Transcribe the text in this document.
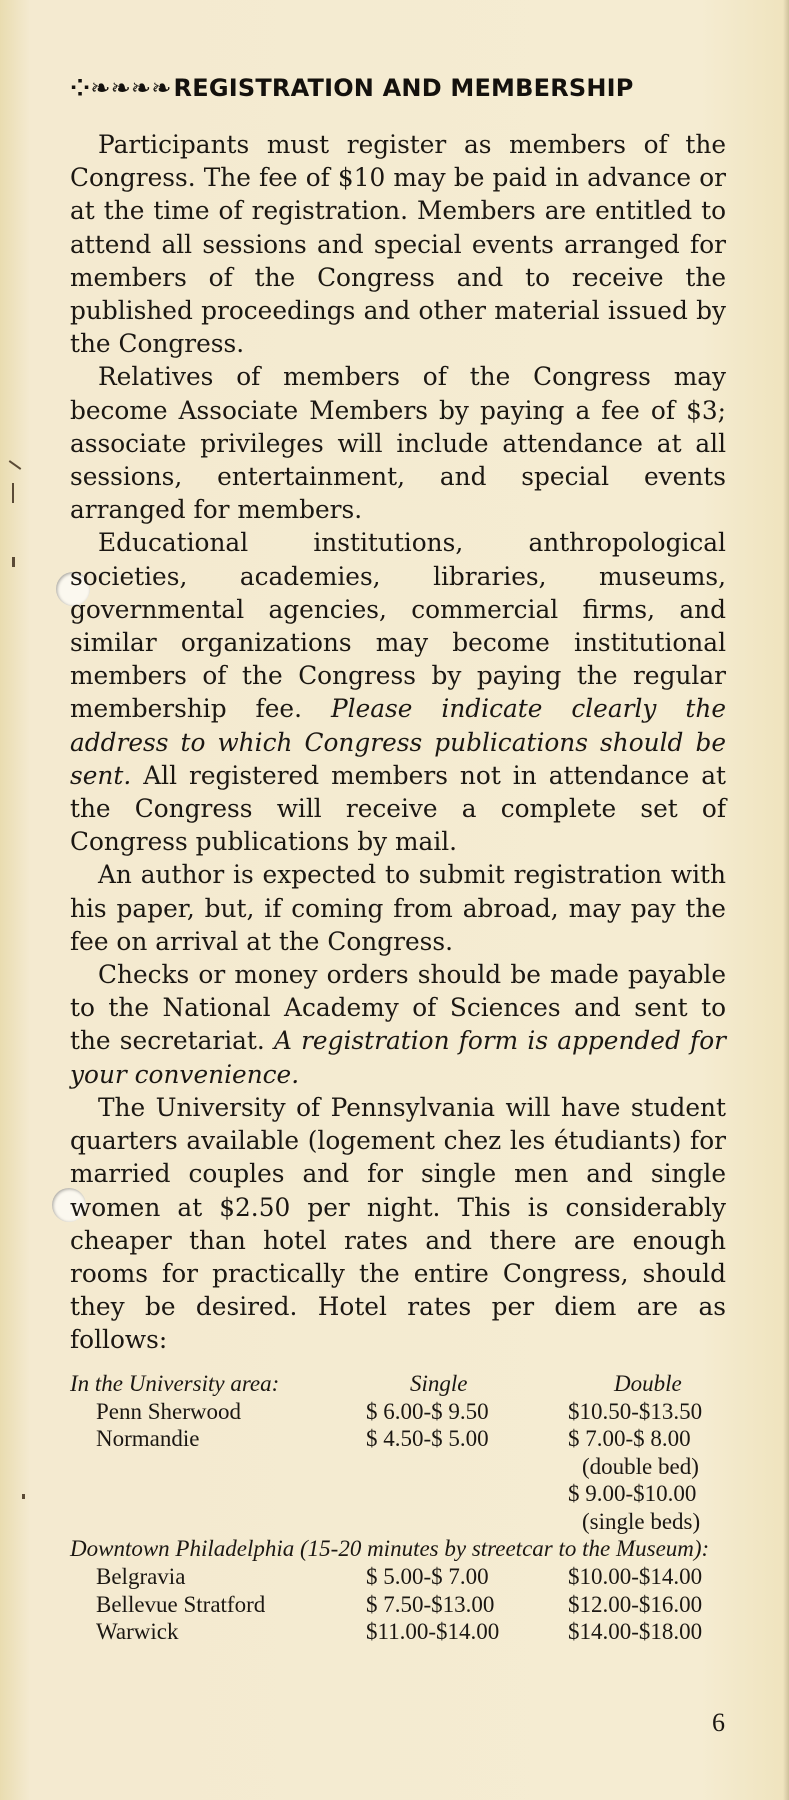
⁘❧❧❧❧REGISTRATION AND MEMBERSHIP

Participants must register as members of the Congress. The fee of $10 may be paid in advance or at the time of registration. Members are entitled to attend all sessions and special events arranged for members of the Congress and to receive the published proceedings and other material issued by the Congress.

Relatives of members of the Congress may become Associate Members by paying a fee of $3; associate privileges will include attendance at all sessions, entertainment, and special events arranged for members.

Educational institutions, anthropological societies, academies, libraries, museums, governmental agencies, commercial firms, and similar organizations may become institutional members of the Congress by paying the regular membership fee. Please indicate clearly the address to which Congress publications should be sent. All registered members not in attendance at the Congress will receive a complete set of Congress publications by mail.

An author is expected to submit registration with his paper, but, if coming from abroad, may pay the fee on arrival at the Congress.

Checks or money orders should be made payable to the National Academy of Sciences and sent to the secretariat. A registration form is appended for your convenience.

The University of Pennsylvania will have student quarters available (logement chez les étudiants) for married couples and for single men and single women at $2.50 per night. This is considerably cheaper than hotel rates and there are enough rooms for practically the entire Congress, should they be desired. Hotel rates per diem are as follows:

In the University area:	Single	Double
Penn Sherwood	$ 6.00-$ 9.50	$10.50-$13.50
Normandie	$ 4.50-$ 5.00	$ 7.00-$ 8.00
(double bed)
$ 9.00-$10.00
(single beds)
Downtown Philadelphia (15-20 minutes by streetcar to the Museum):
Belgravia	$ 5.00-$ 7.00	$10.00-$14.00
Bellevue Stratford	$ 7.50-$13.00	$12.00-$16.00
Warwick	$11.00-$14.00	$14.00-$18.00
6
